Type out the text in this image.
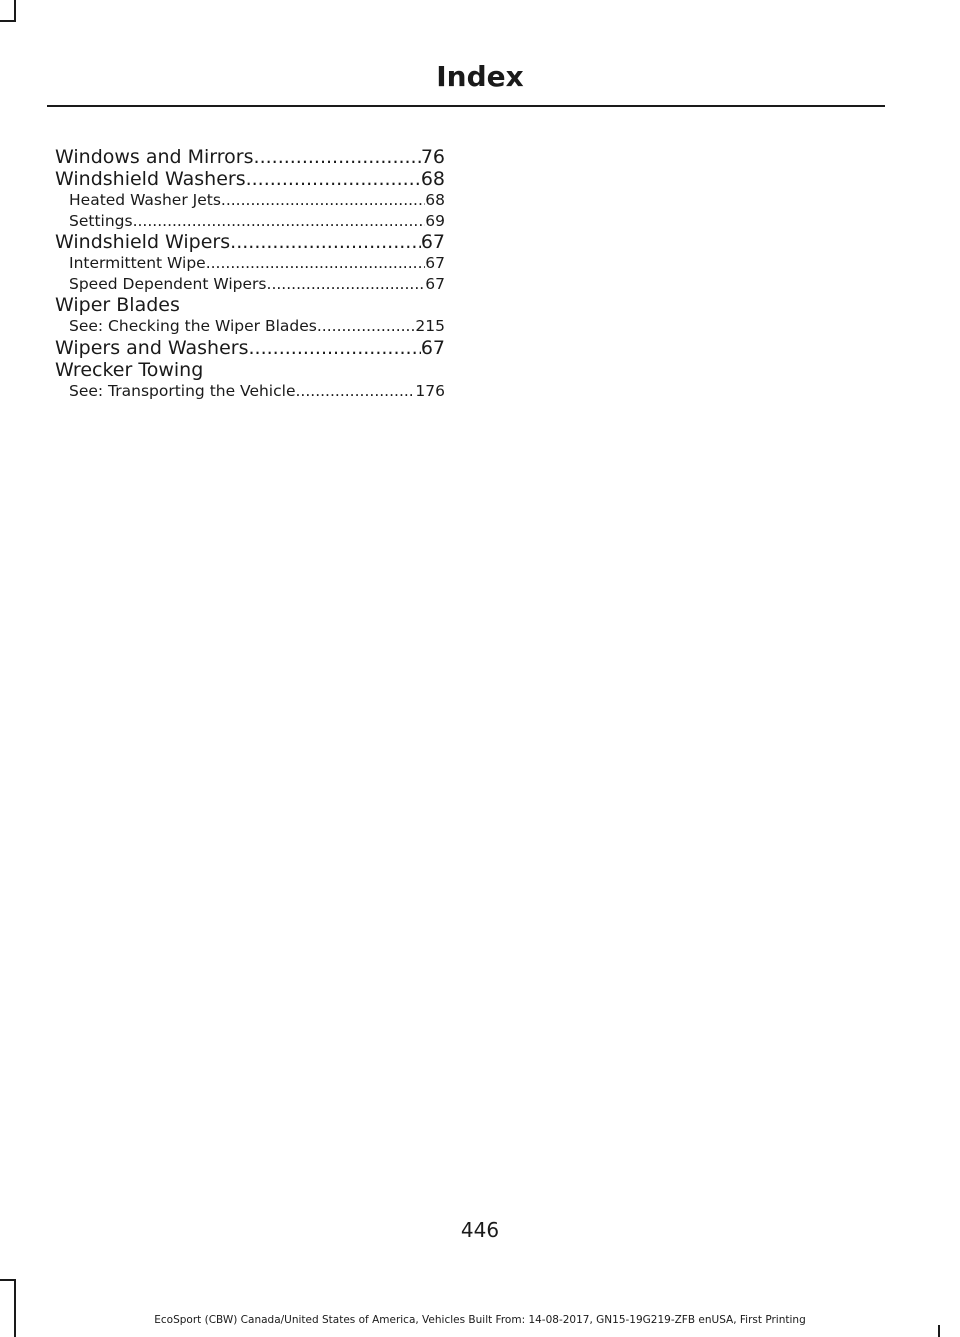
Index
Windows and Mirrors .....	76
Windshield Washers .....	68
Heated Washer Jets .....	68
Settings .....	69
Windshield Wipers .....	67
Intermittent Wipe .....	67
Speed Dependent Wipers .....	67
Wiper Blades
See: Checking the Wiper Blades .....	215
Wipers and Washers .....	67
Wrecker Towing
See: Transporting the Vehicle .....	176
446
EcoSport (CBW) Canada/United States of America, Vehicles Built From: 14-08-2017, GN15-19G219-ZFB enUSA, First Printing
